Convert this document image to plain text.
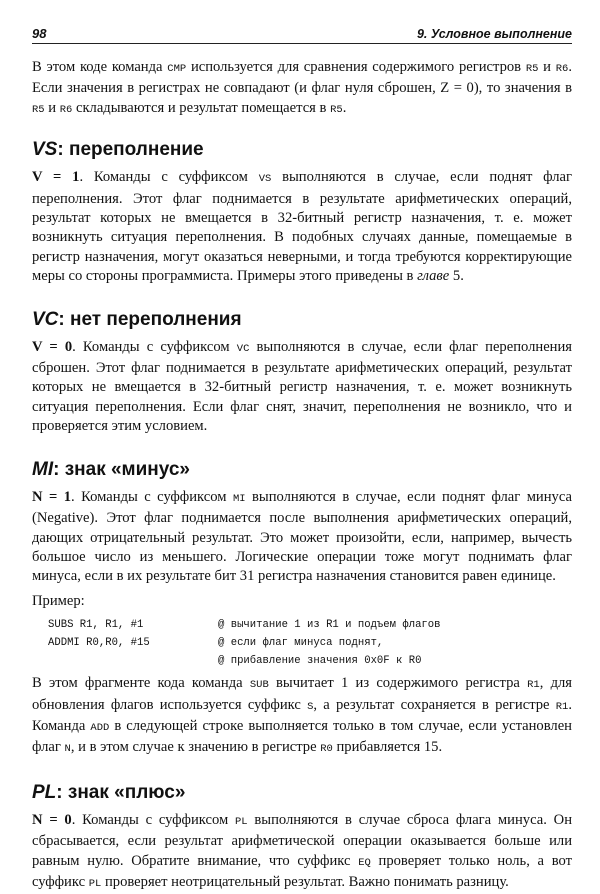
98	9. Условное выполнение

В этом коде команда CMP используется для сравнения содержимого регистров R5 и R6. Если значения в регистрах не совпадают (и флаг нуля сброшен, Z = 0), то значения в R5 и R6 складываются и результат помещается в R5.

VS: переполнение

V = 1. Команды с суффиксом VS выполняются в случае, если поднят флаг переполнения. Этот флаг поднимается в результате арифметических операций, результат которых не вмещается в 32-битный регистр назначения, т. е. может возникнуть ситуация переполнения. В подобных случаях данные, помещаемые в регистр назначения, могут оказаться неверными, и тогда требуются корректирующие меры со стороны программиста. Примеры этого приведены в главе 5.

VC: нет переполнения

V = 0. Команды с суффиксом VC выполняются в случае, если флаг переполнения сброшен. Этот флаг поднимается в результате арифметических операций, результат которых не вмещается в 32-битный регистр назначения, т. е. может возникнуть ситуация переполнения. Если флаг снят, значит, переполнения не возникло, что и проверяется этим условием.

MI: знак «минус»

N = 1. Команды с суффиксом MI выполняются в случае, если поднят флаг минуса (Negative). Этот флаг поднимается после выполнения арифметических операций, дающих отрицательный результат. Это может произойти, если, например, вычесть большое число из меньшего. Логические операции тоже могут поднимать флаг минуса, если в их результате бит 31 регистра назначения становится равен единице.

Пример:

SUBS R1, R1, #1	@ вычитание 1 из R1 и подъем флагов
ADDMI R0,R0, #15	@ если флаг минуса поднят,
@ прибавление значения 0x0F к R0

В этом фрагменте кода команда SUB вычитает 1 из содержимого регистра R1, для обновления флагов используется суффикс S, а результат сохраняется в регистре R1. Команда ADD в следующей строке выполняется только в том случае, если установлен флаг N, и в этом случае к значению в регистре R0 прибавляется 15.

PL: знак «плюс»

N = 0. Команды с суффиксом PL выполняются в случае сброса флага минуса. Он сбрасывается, если результат арифметической операции оказывается больше или равным нулю. Обратите внимание, что суффикс EQ проверяет только ноль, а вот суффикс PL проверяет неотрицательный результат. Важно понимать разницу.
